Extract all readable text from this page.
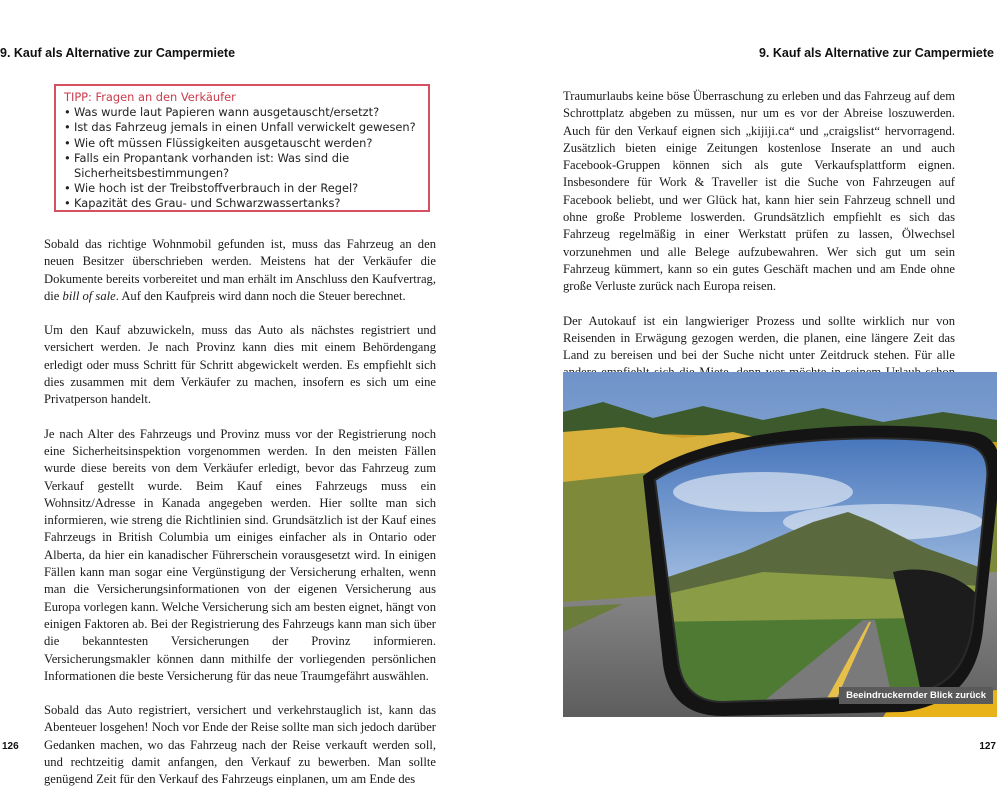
9. Kauf als Alternative zur Campermiete
TIPP: Fragen an den Verkäufer
• Was wurde laut Papieren wann ausgetauscht/ersetzt?
• Ist das Fahrzeug jemals in einen Unfall verwickelt gewesen?
• Wie oft müssen Flüssigkeiten ausgetauscht werden?
• Falls ein Propantank vorhanden ist: Was sind die Sicherheitsbestimmungen?
• Wie hoch ist der Treibstoffverbrauch in der Regel?
• Kapazität des Grau- und Schwarzwassertanks?

Sobald das richtige Wohnmobil gefunden ist, muss das Fahrzeug an den neuen Besitzer überschrieben werden. Meistens hat der Verkäufer die Dokumente bereits vorbereitet und man erhält im Anschluss den Kaufvertrag, die bill of sale. Auf den Kaufpreis wird dann noch die Steuer berechnet.

Um den Kauf abzuwickeln, muss das Auto als nächstes registriert und versichert werden. Je nach Provinz kann dies mit einem Behördengang erledigt oder muss Schritt für Schritt abgewickelt werden. Es empfiehlt sich dies zusammen mit dem Verkäufer zu machen, insofern es sich um eine Privatperson handelt.

Je nach Alter des Fahrzeugs und Provinz muss vor der Registrierung noch eine Sicherheitsinspektion vorgenommen werden. In den meisten Fällen wurde diese bereits von dem Verkäufer erledigt, bevor das Fahrzeug zum Verkauf gestellt wurde. Beim Kauf eines Fahrzeugs muss ein Wohnsitz/Adresse in Kanada angegeben werden. Hier sollte man sich informieren, wie streng die Richtlinien sind. Grundsätzlich ist der Kauf eines Fahrzeugs in British Columbia um einiges einfacher als in Ontario oder Alberta, da hier ein kanadischer Führerschein vorausgesetzt wird. In einigen Fällen kann man sogar eine Vergünstigung der Versicherung erhalten, wenn man die Versicherungsinformationen von der eigenen Versicherung aus Europa vorlegen kann. Welche Versicherung sich am besten eignet, hängt von einigen Faktoren ab. Bei der Registrierung des Fahrzeugs kann man sich über die bekanntesten Versicherungen der Provinz informieren. Versicherungsmakler können dann mithilfe der vorliegenden persönlichen Informationen die beste Versicherung für das neue Traumgefährt auswählen.

Sobald das Auto registriert, versichert und verkehrstauglich ist, kann das Abenteuer losgehen! Noch vor Ende der Reise sollte man sich jedoch darüber Gedanken machen, wo das Fahrzeug nach der Reise verkauft werden soll, und rechtzeitig damit anfangen, den Verkauf zu bewerben. Man sollte genügend Zeit für den Verkauf des Fahrzeugs einplanen, um am Ende des

126
9. Kauf als Alternative zur Campermiete

Traumurlaubs keine böse Überraschung zu erleben und das Fahrzeug auf dem Schrottplatz abgeben zu müssen, nur um es vor der Abreise loszuwerden. Auch für den Verkauf eignen sich „kijiji.ca“ und „craigslist“ hervorragend. Zusätzlich bieten einige Zeitungen kostenlose Inserate an und auch Facebook-Gruppen können sich als gute Verkaufsplattform eignen. Insbesondere für Work & Traveller ist die Suche von Fahrzeugen auf Facebook beliebt, und wer Glück hat, kann hier sein Fahrzeug schnell und ohne große Probleme loswerden. Grundsätzlich empfiehlt es sich das Fahrzeug regelmäßig in einer Werkstatt prüfen zu lassen, Ölwechsel vorzunehmen und alle Belege aufzubewahren. Wer sich gut um sein Fahrzeug kümmert, kann so ein gutes Geschäft machen und am Ende ohne große Verluste zurück nach Europa reisen.

Der Autokauf ist ein langwieriger Prozess und sollte wirklich nur von Reisenden in Erwägung gezogen werden, die planen, eine längere Zeit das Land zu bereisen und bei der Suche nicht unter Zeitdruck stehen. Für alle

Beeindruckernder Blick zurück
127
